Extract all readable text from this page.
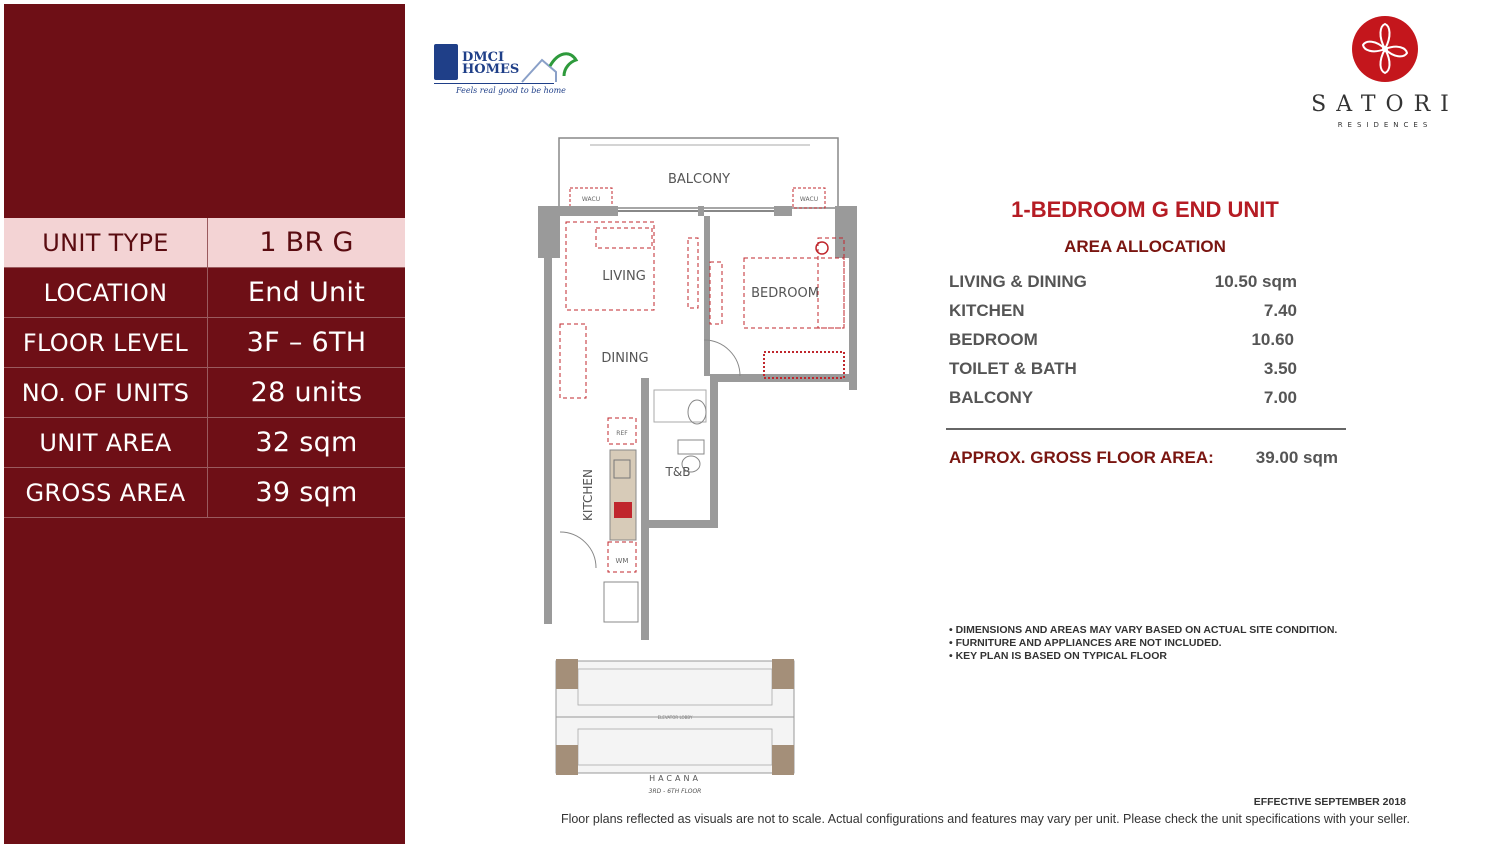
UNIT TYPE	1 BR G
LOCATION	End Unit
FLOOR LEVEL	3F – 6TH
NO. OF UNITS	28 units
UNIT AREA	32 sqm
GROSS AREA	39 sqm
DMCI
HOMES
Feels real good to be home
SATORI
RESIDENCES
WACU	WACU
BALCONY
LIVING
DINING
BEDROOM
T&B
REF
WM
KITCHEN
ELEVATOR LOBBY
HACANA
3RD - 6TH FLOOR
1-BEDROOM G END UNIT
AREA ALLOCATION
LIVING & DINING	10.50 sqm
KITCHEN	7.40
BEDROOM	10.60
TOILET & BATH	3.50
BALCONY	7.00
APPROX. GROSS FLOOR AREA: 39.00 sqm
• DIMENSIONS AND AREAS MAY VARY BASED ON ACTUAL SITE CONDITION.
• FURNITURE AND APPLIANCES ARE NOT INCLUDED.
• KEY PLAN IS BASED ON TYPICAL FLOOR
EFFECTIVE SEPTEMBER 2018
Floor plans reflected as visuals are not to scale. Actual configurations and features may vary per unit. Please check the unit specifications with your seller.
